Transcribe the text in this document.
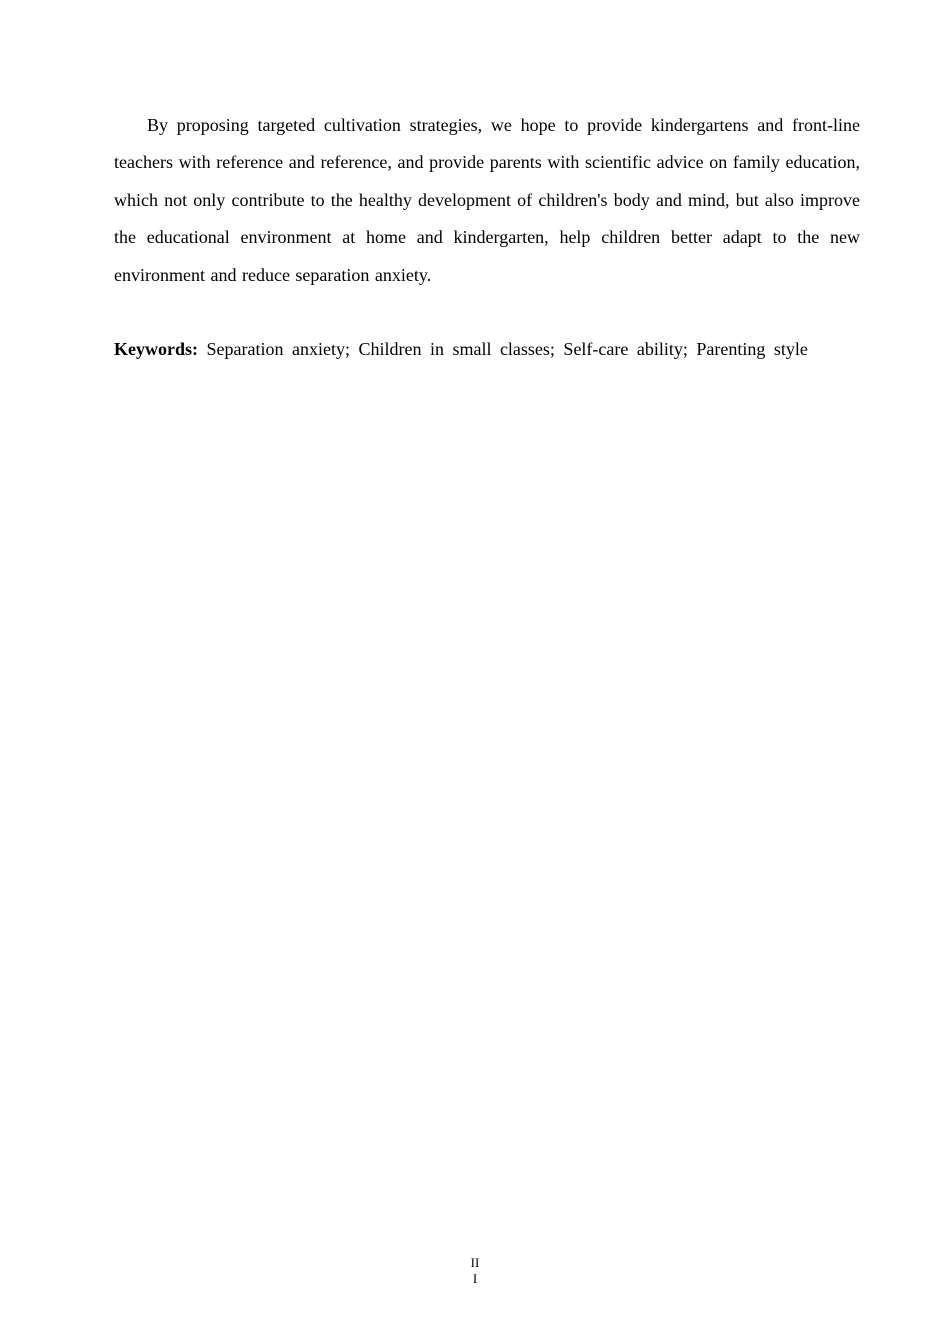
By proposing targeted cultivation strategies, we hope to provide kindergartens and front-line teachers with reference and reference, and provide parents with scientific advice on family education, which not only contribute to the healthy development of children's body and mind, but also improve the educational environment at home and kindergarten, help children better adapt to the new environment and reduce separation anxiety.

Keywords: Separation anxiety; Children in small classes; Self-care ability; Parenting style

II
I
